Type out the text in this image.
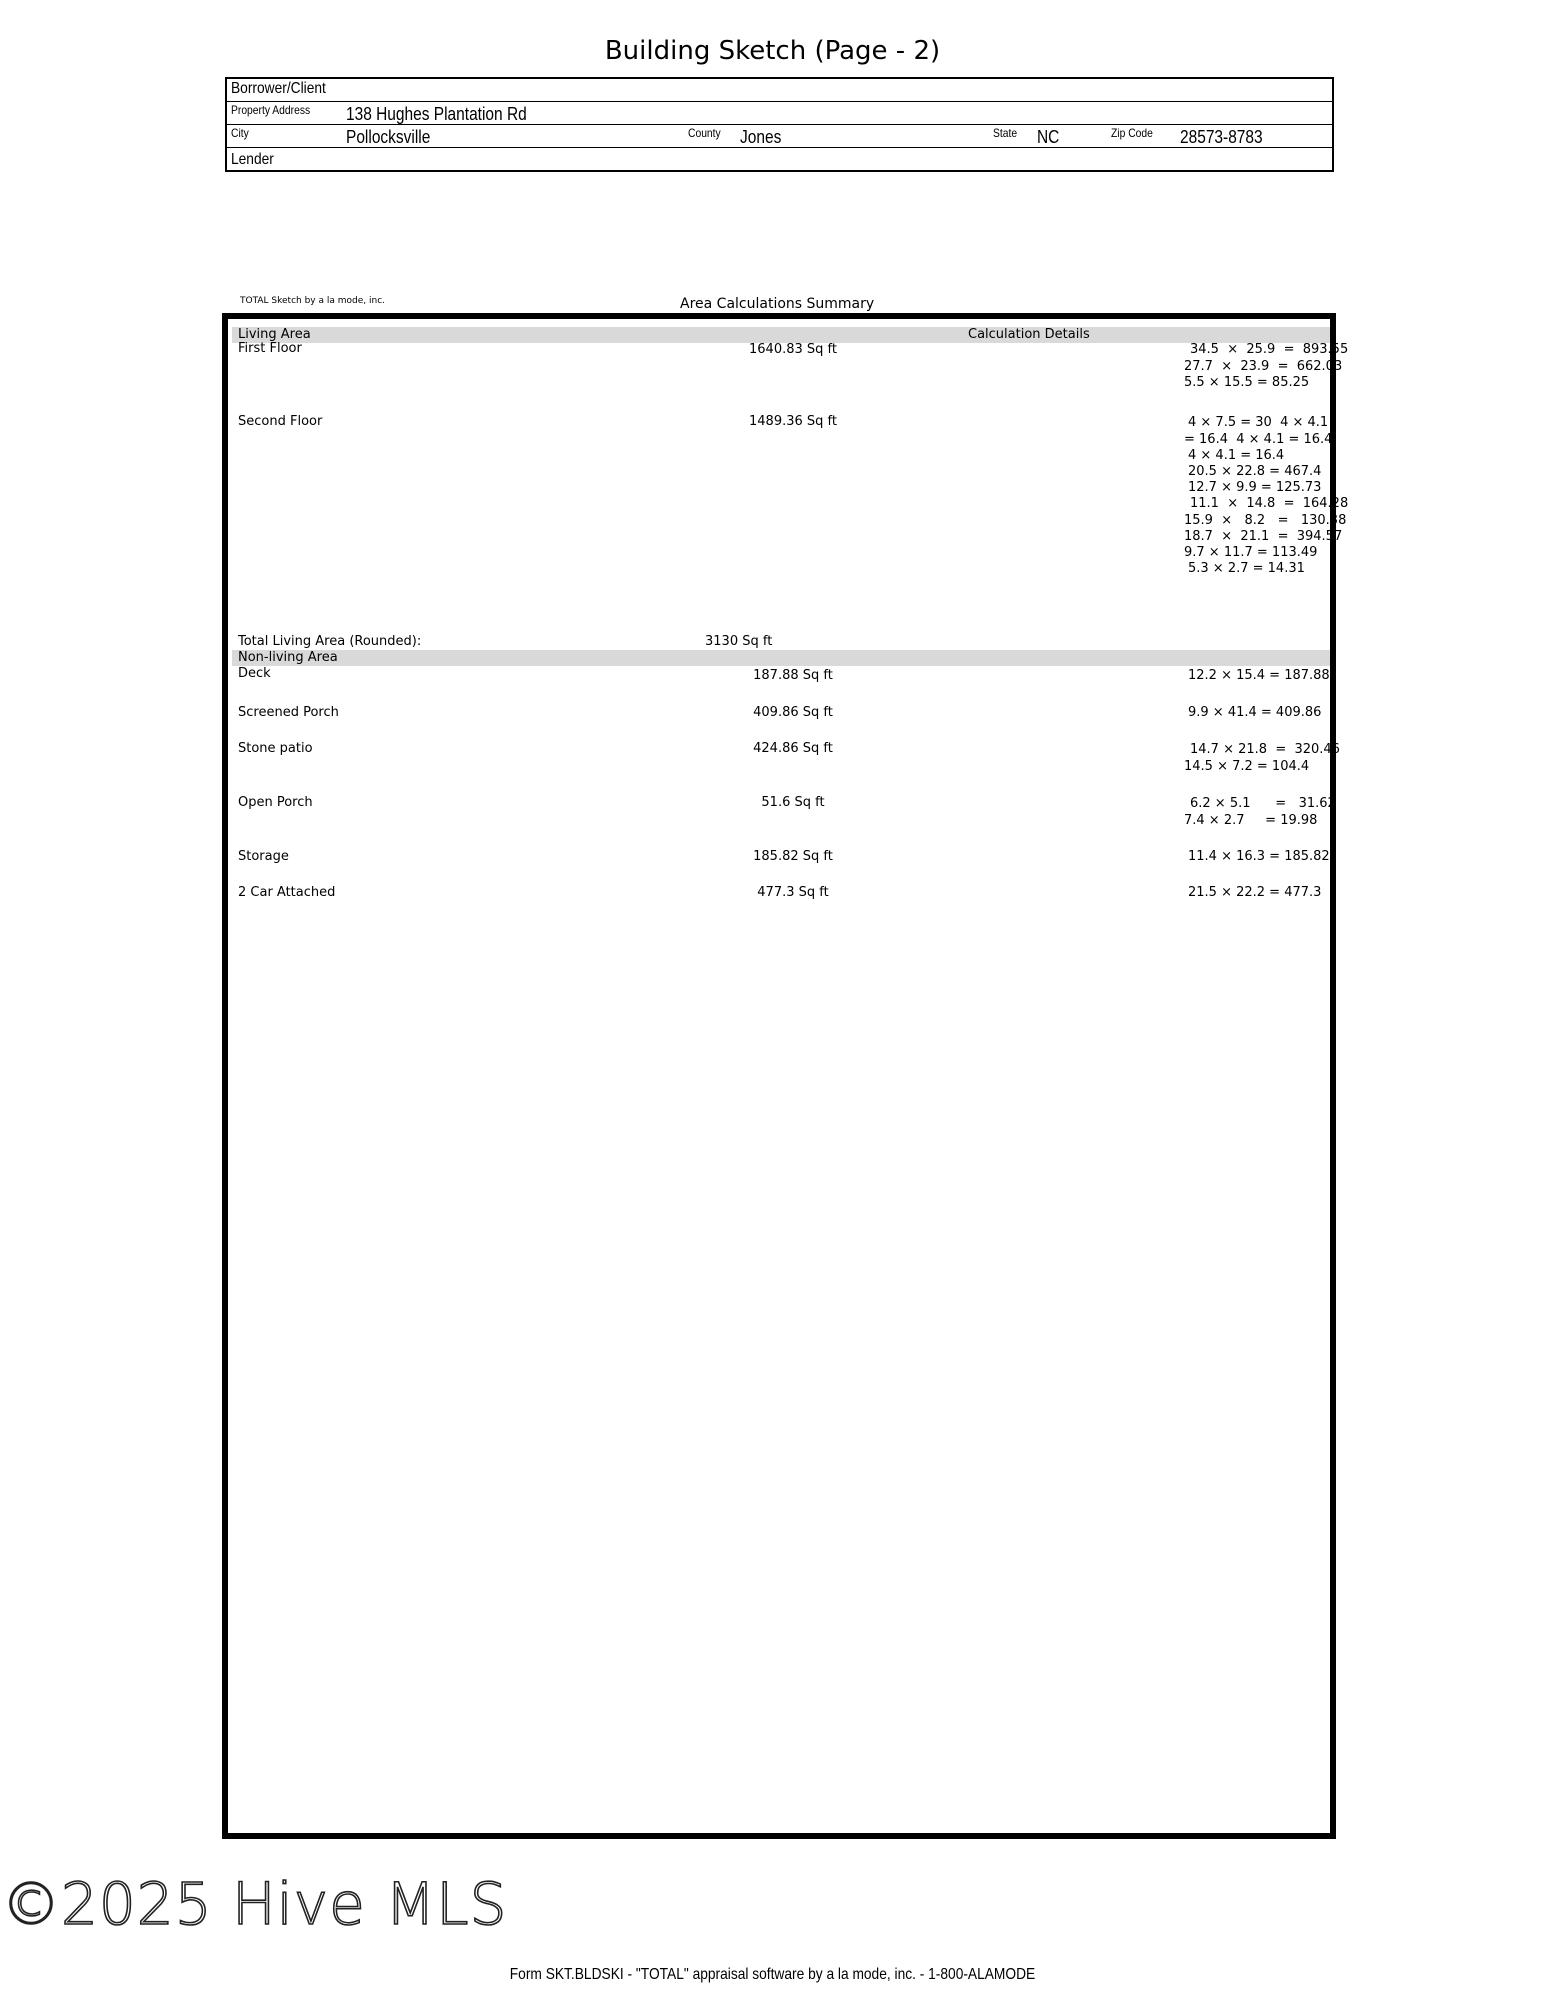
Building Sketch (Page - 2)
Borrower/Client
Property Address 138 Hughes Plantation Rd
City	Pollocksville	County Jones	State NC	Zip Code 28573-8783
Lender
TOTAL Sketch by a la mode, inc.	Area Calculations Summary
Living Area	Calculation Details
First Floor	1640.83 Sq ft	34.5  ×  25.9  =  893.55
27.7  ×  23.9  =  662.03
5.5 × 15.5 = 85.25
Second Floor	1489.36 Sq ft	4 × 7.5 = 30  4 × 4.1
= 16.4  4 × 4.1 = 16.4
4 × 4.1 = 16.4
20.5 × 22.8 = 467.4
12.7 × 9.9 = 125.73
11.1  ×  14.8  =  164.28
15.9  ×   8.2   =   130.38
18.7  ×  21.1  =  394.57
9.7 × 11.7 = 113.49
5.3 × 2.7 = 14.31
Total Living Area (Rounded):	3130 Sq ft
Non-living Area
Deck	187.88 Sq ft	12.2 × 15.4 = 187.88
Screened Porch	409.86 Sq ft	9.9 × 41.4 = 409.86
Stone patio	424.86 Sq ft	14.7 × 21.8  =  320.46
14.5 × 7.2 = 104.4
Open Porch	51.6 Sq ft	6.2 × 5.1      =   31.62
7.4 × 2.7     = 19.98
Storage	185.82 Sq ft	11.4 × 16.3 = 185.82
2 Car Attached	477.3 Sq ft	21.5 × 22.2 = 477.3
©2025 Hive MLS
Form SKT.BLDSKI - "TOTAL" appraisal software by a la mode, inc. - 1-800-ALAMODE
